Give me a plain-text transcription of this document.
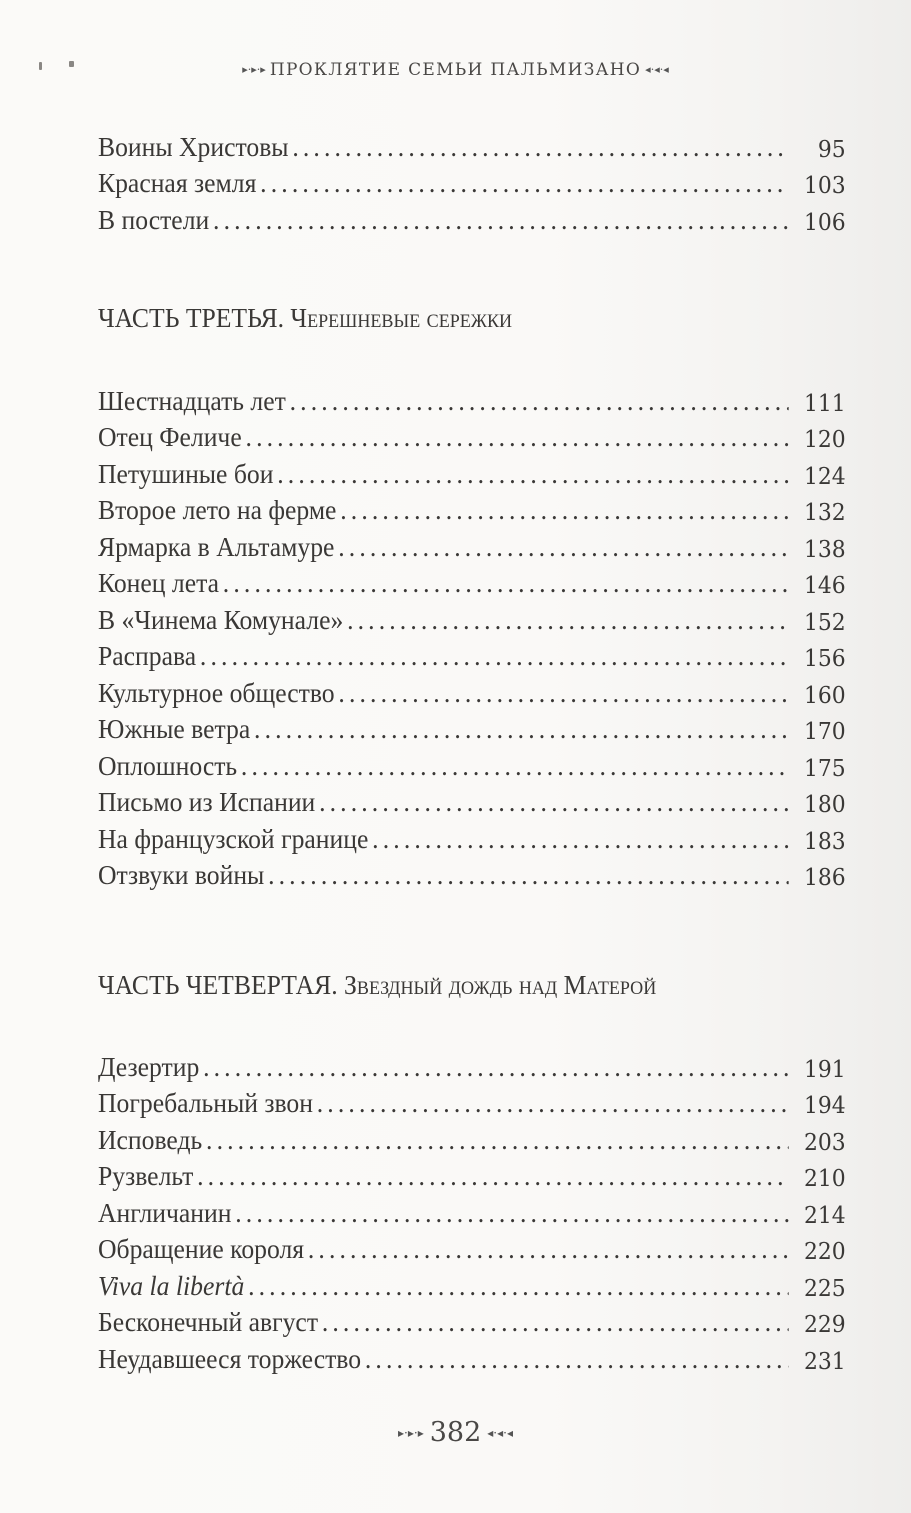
▸·▸·▸ ПРОКЛЯТИЕ СЕМЬИ ПАЛЬМИЗАНО ◂·◂·◂
Воины Христовы . . .	95
Красная земля . . .	103
В постели . . .	106
ЧАСТЬ ТРЕТЬЯ. Черешневые сережки
Шестнадцать лет . . .	111
Отец Феличе . . .	120
Петушиные бои . . .	124
Второе лето на ферме . . .	132
Ярмарка в Альтамуре . . .	138
Конец лета . . .	146
В «Чинема Комунале» . . .	152
Расправа . . .	156
Культурное общество . . .	160
Южные ветра . . .	170
Оплошность . . .	175
Письмо из Испании . . .	180
На французской границе . . .	183
Отзвуки войны . . .	186
ЧАСТЬ ЧЕТВЕРТАЯ. Звездный дождь над Матерой
Дезертир . . .	191
Погребальный звон . . .	194
Исповедь . . .	203
Рузвельт . . .	210
Англичанин . . .	214
Обращение короля . . .	220
Viva la libertà . . .	225
Бесконечный август . . .	229
Неудавшееся торжество . . .	231
▸·▸·▸ 382 ◂·◂·◂
